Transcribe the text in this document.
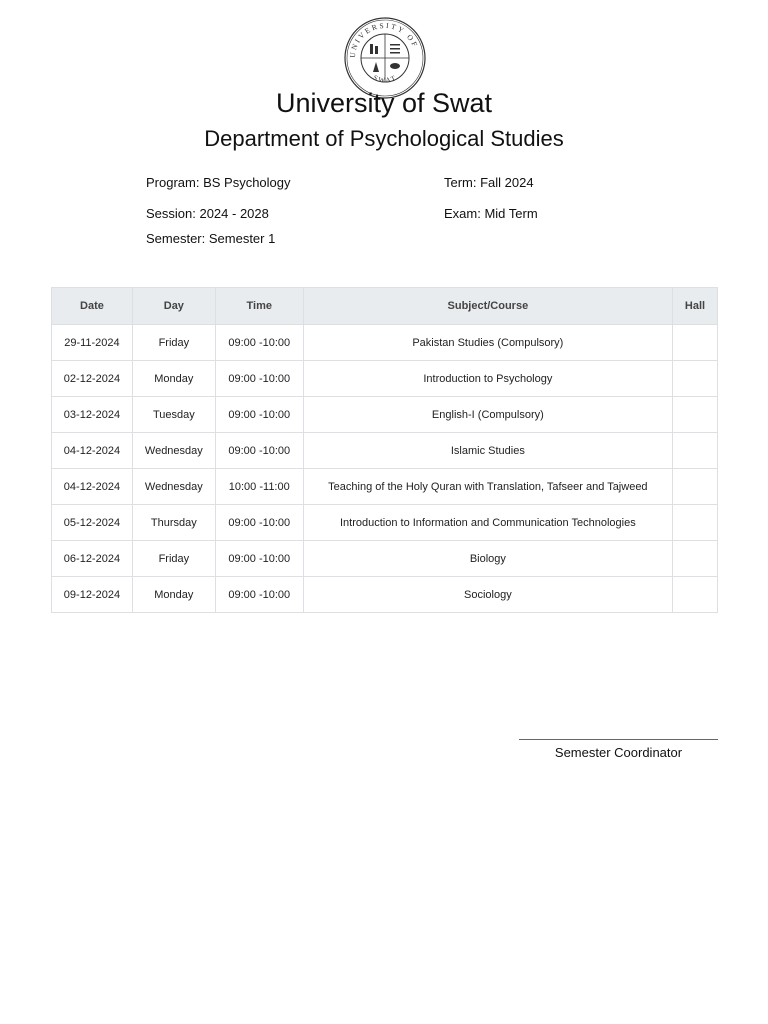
UNIVERSITY OF
SWAT
University of Swat
Department of Psychological Studies
Program: BS Psychology	Term: Fall 2024
Session: 2024 - 2028	Exam: Mid Term
Semester: Semester 1
Date	Day	Time	Subject/Course	Hall
29-11-2024	Friday	09:00 -10:00	Pakistan Studies (Compulsory)	
02-12-2024	Monday	09:00 -10:00	Introduction to Psychology	
03-12-2024	Tuesday	09:00 -10:00	English-I (Compulsory)	
04-12-2024	Wednesday	09:00 -10:00	Islamic Studies	
04-12-2024	Wednesday	10:00 -11:00	Teaching of the Holy Quran with Translation, Tafseer and Tajweed	
05-12-2024	Thursday	09:00 -10:00	Introduction to Information and Communication Technologies	
06-12-2024	Friday	09:00 -10:00	Biology	
09-12-2024	Monday	09:00 -10:00	Sociology	
Semester Coordinator
